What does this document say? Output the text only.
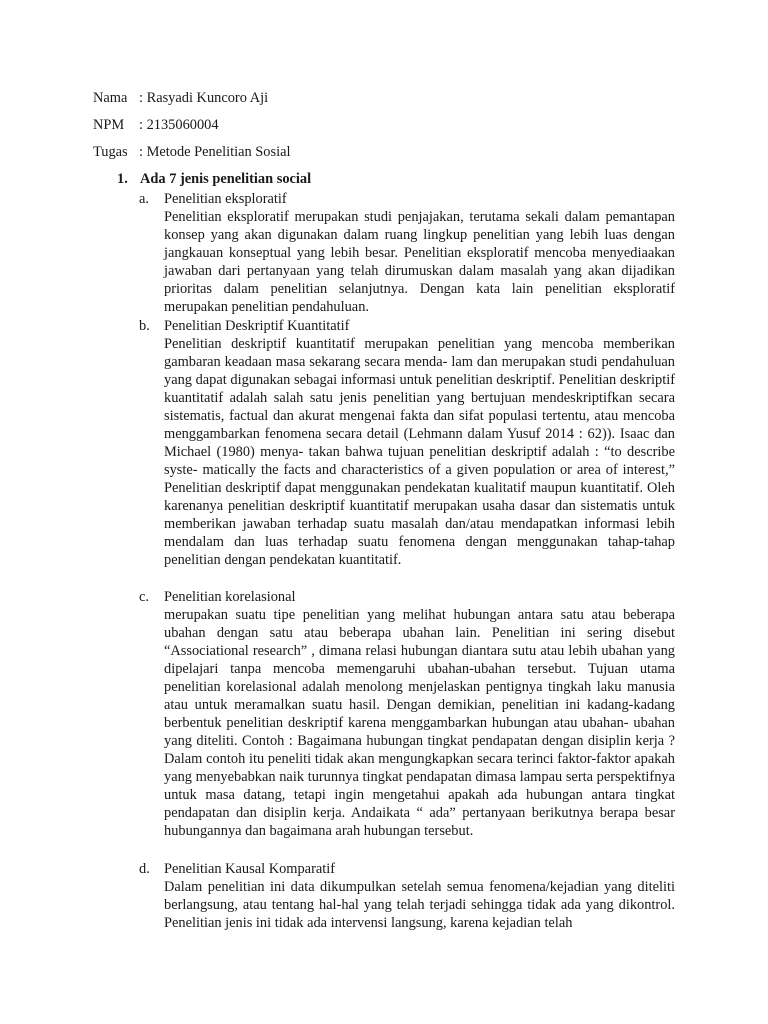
Nama : Rasyadi Kuncoro Aji
NPM : 2135060004
Tugas : Metode Penelitian Sosial
1. Ada 7 jenis penelitian social
a. Penelitian eksploratif

Penelitian eksploratif merupakan studi penjajakan, terutama sekali dalam pemantapan konsep yang akan digunakan dalam ruang lingkup penelitian yang lebih luas dengan jangkauan konseptual yang lebih besar. Penelitian eksploratif mencoba menyediaakan jawaban dari pertanyaan yang telah dirumuskan dalam masalah yang akan dijadikan prioritas dalam penelitian selanjutnya. Dengan kata lain penelitian eksploratif merupakan penelitian pendahuluan.

b. Penelitian Deskriptif Kuantitatif

Penelitian deskriptif kuantitatif merupakan penelitian yang mencoba memberikan gambaran keadaan masa sekarang secara menda- lam dan merupakan studi pendahuluan yang dapat digunakan sebagai informasi untuk penelitian deskriptif. Penelitian deskriptif kuantitatif adalah salah satu jenis penelitian yang bertujuan mendeskriptifkan secara sistematis, factual dan akurat mengenai fakta dan sifat populasi tertentu, atau mencoba menggambarkan fenomena secara detail (Lehmann dalam Yusuf 2014 : 62)). Isaac dan Michael (1980) menya- takan bahwa tujuan penelitian deskriptif adalah : “to describe syste- matically the facts and characteristics of a given population or area of interest,” Penelitian deskriptif dapat menggunakan pendekatan kualitatif maupun kuantitatif. Oleh karenanya penelitian deskriptif kuantitatif merupakan usaha dasar dan sistematis untuk memberikan jawaban terhadap suatu masalah dan/atau mendapatkan informasi lebih mendalam dan luas terhadap suatu fenomena dengan menggunakan tahap-tahap penelitian dengan pendekatan kuantitatif.

c. Penelitian korelasional

merupakan suatu tipe penelitian yang melihat hubungan antara satu atau beberapa ubahan dengan satu atau beberapa ubahan lain. Penelitian ini sering disebut “Associational research” , dimana relasi hubungan diantara sutu atau lebih ubahan yang dipelajari tanpa mencoba memengaruhi ubahan-ubahan tersebut. Tujuan utama penelitian korelasional adalah menolong menjelaskan pentignya tingkah laku manusia atau untuk meramalkan suatu hasil. Dengan demikian, penelitian ini kadang-kadang berbentuk penelitian deskriptif karena menggambarkan hubungan atau ubahan- ubahan yang diteliti. Contoh : Bagaimana hubungan tingkat pendapatan dengan disiplin kerja ? Dalam contoh itu peneliti tidak akan mengungkapkan secara terinci faktor-faktor apakah yang menyebabkan naik turunnya tingkat pendapatan dimasa lampau serta perspektifnya untuk masa datang, tetapi ingin mengetahui apakah ada hubungan antara tingkat pendapatan dan disiplin kerja. Andaikata “ ada” pertanyaan berikutnya berapa besar hubungannya dan bagaimana arah hubungan tersebut.

d. Penelitian Kausal Komparatif

Dalam penelitian ini data dikumpulkan setelah semua fenomena/kejadian yang diteliti berlangsung, atau tentang hal-hal yang telah terjadi sehingga tidak ada yang dikontrol. Penelitian jenis ini tidak ada intervensi langsung, karena kejadian telah
